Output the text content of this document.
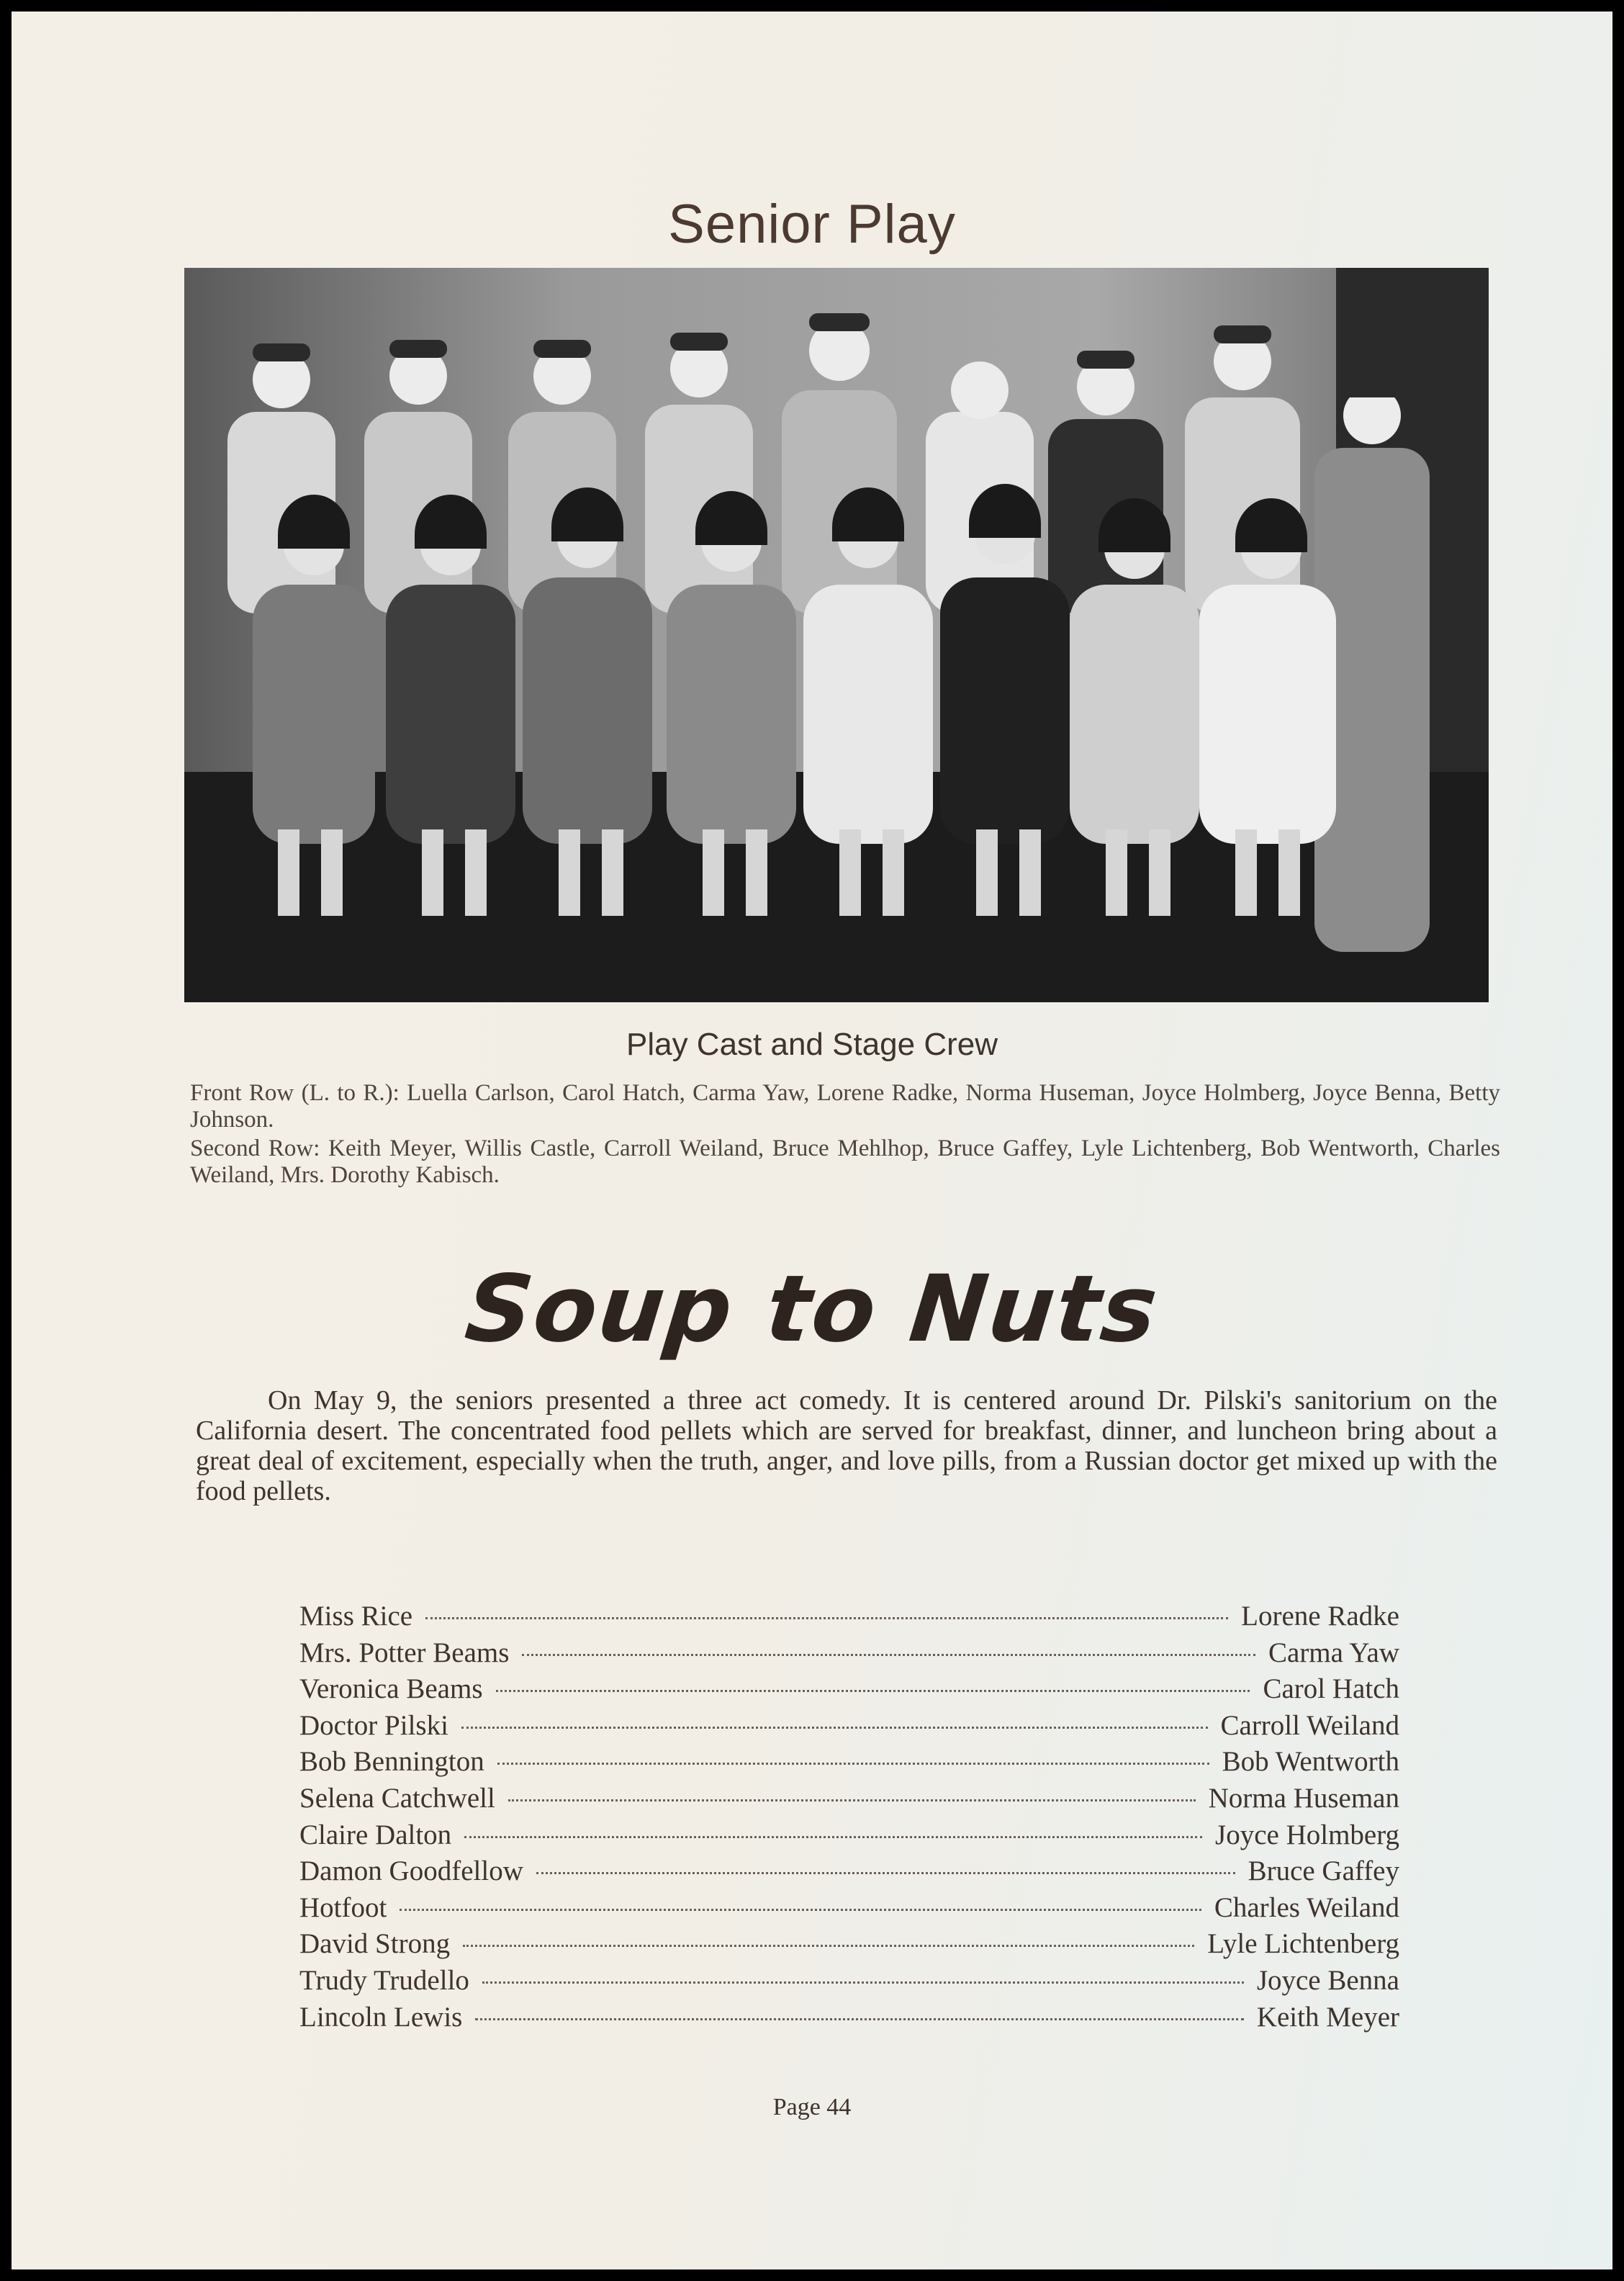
Senior Play
Play Cast and Stage Crew

Front Row (L. to R.): Luella Carlson, Carol Hatch, Carma Yaw, Lorene Radke, Norma Huseman, Joyce Holmberg, Joyce Benna, Betty Johnson.

Second Row: Keith Meyer, Willis Castle, Carroll Weiland, Bruce Mehlhop, Bruce Gaffey, Lyle Lichtenberg, Bob Wentworth, Charles Weiland, Mrs. Dorothy Kabisch.

Soup to Nuts
On May 9, the seniors presented a three act comedy. It is centered around Dr. Pilski's sanitorium on the California desert. The concentrated food pellets which are served for breakfast, dinner, and luncheon bring about a great deal of excitement, especially when the truth, anger, and love pills, from a Russian doctor get mixed up with the food pellets.
Miss Rice	Lorene Radke
Mrs. Potter Beams	Carma Yaw
Veronica Beams	Carol Hatch
Doctor Pilski	Carroll Weiland
Bob Bennington	Bob Wentworth
Selena Catchwell	Norma Huseman
Claire Dalton	Joyce Holmberg
Damon Goodfellow	Bruce Gaffey
Hotfoot	Charles Weiland
David Strong	Lyle Lichtenberg
Trudy Trudello	Joyce Benna
Lincoln Lewis	Keith Meyer
Page 44
